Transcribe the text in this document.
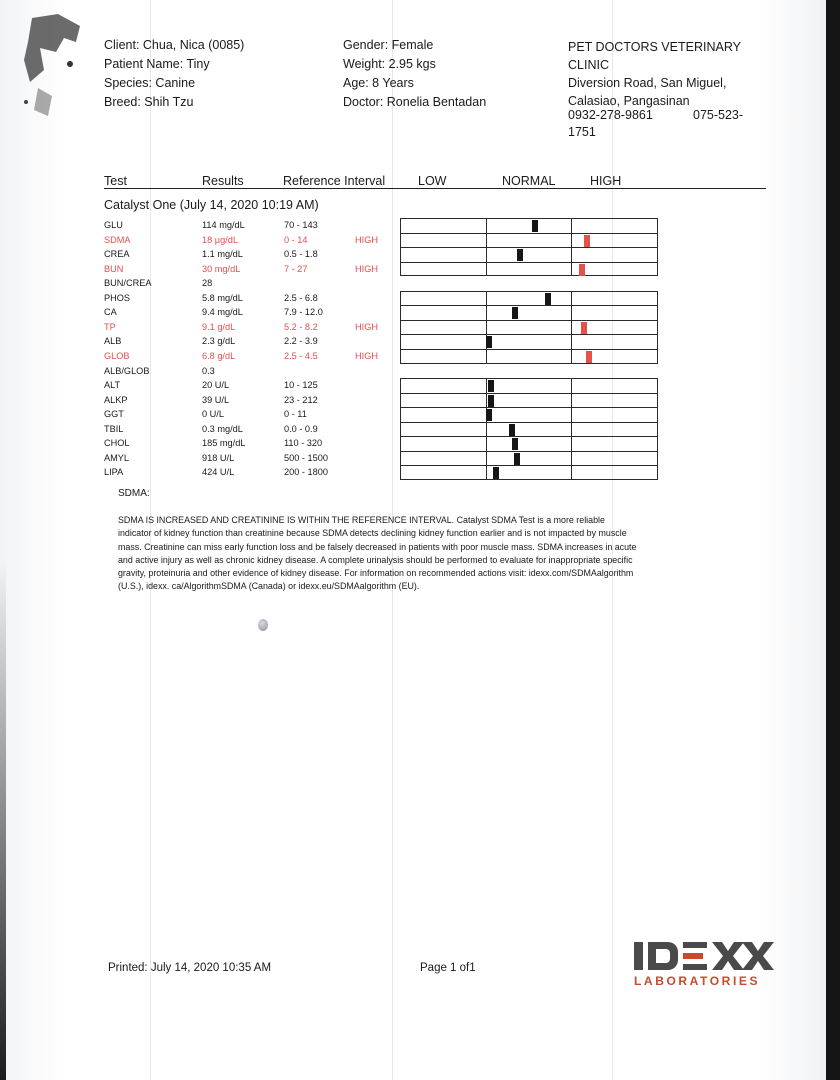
Client: Chua, Nica (0085)
Patient Name: Tiny
Species: Canine
Breed: Shih Tzu
Gender: Female
Weight: 2.95 kgs
Age: 8 Years
Doctor: Ronelia Bentadan
PET DOCTORS VETERINARY
CLINIC
Diversion Road, San Miguel,
Calasiao, Pangasinan
0932-278-9861	075-523-
1751
Test	Results	Reference Interval	LOW	NORMAL	HIGH
Catalyst One (July 14, 2020 10:19 AM)
GLU	114 mg/dL	70 - 143
SDMA	18 µg/dL	0 - 14	HIGH
CREA	1.1 mg/dL	0.5 - 1.8
BUN	30 mg/dL	7 - 27	HIGH
BUN/CREA	28
PHOS	5.8 mg/dL	2.5 - 6.8
CA	9.4 mg/dL	7.9 - 12.0
TP	9.1 g/dL	5.2 - 8.2	HIGH
ALB	2.3 g/dL	2.2 - 3.9
GLOB	6.8 g/dL	2.5 - 4.5	HIGH
ALB/GLOB	0.3
ALT	20 U/L	10 - 125
ALKP	39 U/L	23 - 212
GGT	0 U/L	0 - 11
TBIL	0.3 mg/dL	0.0 - 0.9
CHOL	185 mg/dL	110 - 320
AMYL	918 U/L	500 - 1500
LIPA	424 U/L	200 - 1800
SDMA:
SDMA IS INCREASED AND CREATININE IS WITHIN THE REFERENCE INTERVAL. Catalyst SDMA Test is a more reliable indicator of kidney function than creatinine because SDMA detects declining kidney function earlier and is not impacted by muscle mass. Creatinine can miss early function loss and be falsely decreased in patients with poor muscle mass. SDMA increases in acute and active injury as well as chronic kidney disease. A complete urinalysis should be performed to evaluate for inappropriate specific gravity, proteinuria and other evidence of kidney disease. For information on recommended actions visit: idexx.com/SDMAalgorithm (U.S.), idexx. ca/AlgorithmSDMA (Canada) or idexx.eu/SDMAalgorithm (EU).
Printed: July 14, 2020 10:35 AM	Page 1 of1
LABORATORIES
